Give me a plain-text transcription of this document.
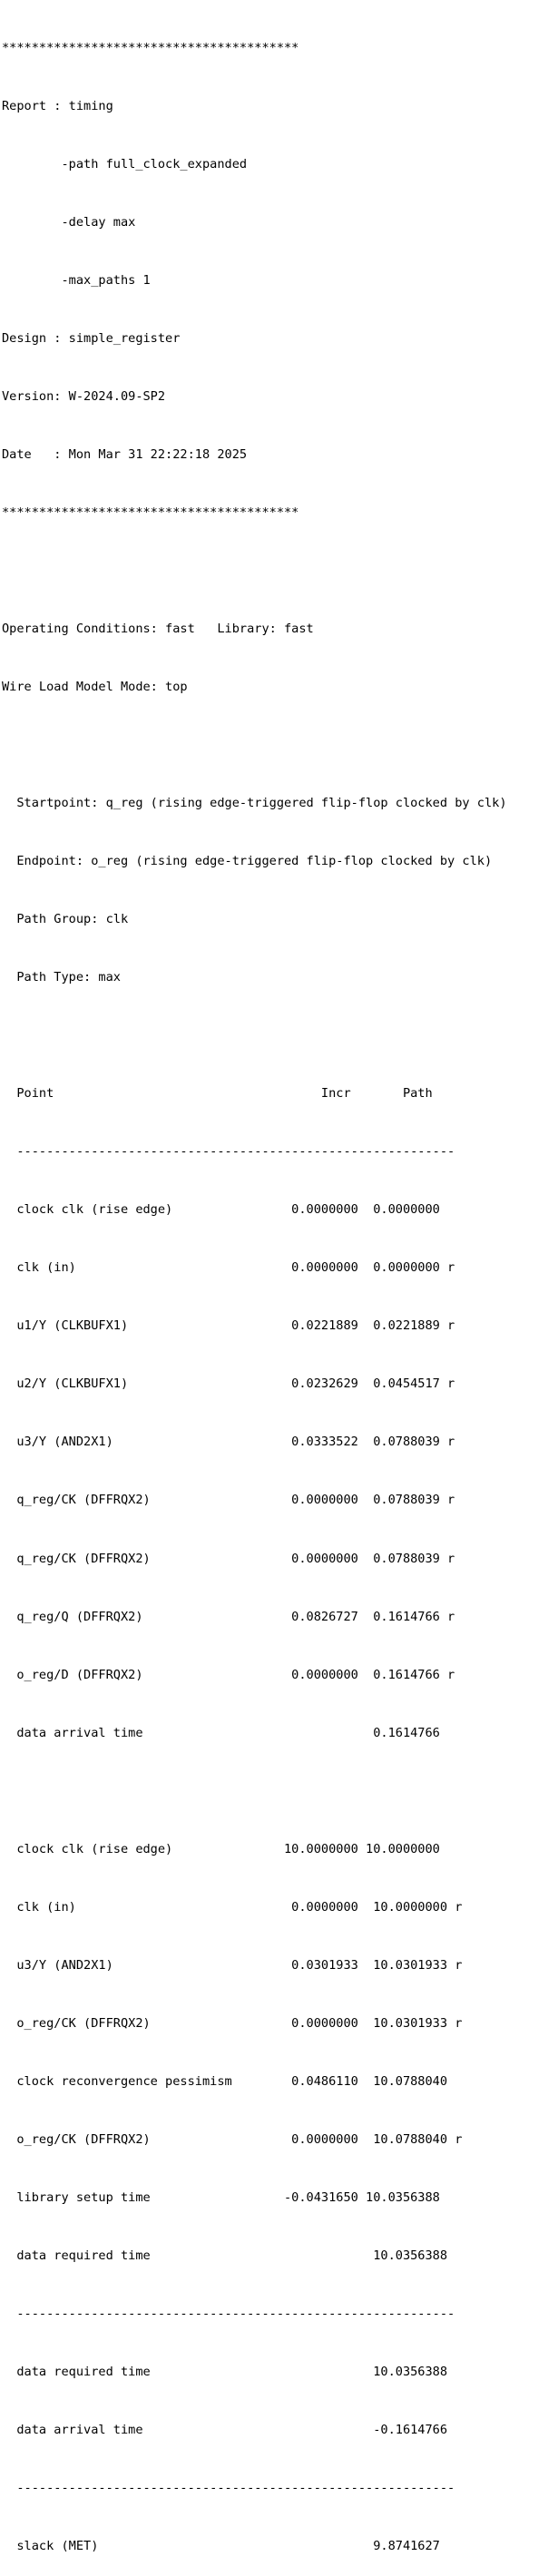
****************************************

Report : timing

-path full_clock_expanded

-delay max

-max_paths 1

Design : simple_register

Version: W-2024.09-SP2

Date   : Mon Mar 31 22:22:18 2025

****************************************

Operating Conditions: fast   Library: fast

Wire Load Model Mode: top

Startpoint: q_reg (rising edge-triggered flip-flop clocked by clk)

Endpoint: o_reg (rising edge-triggered flip-flop clocked by clk)

Path Group: clk

Path Type: max

Point                                    Incr       Path

-----------------------------------------------------------

clock clk (rise edge)                0.0000000  0.0000000

clk (in)                             0.0000000  0.0000000 r

u1/Y (CLKBUFX1)                      0.0221889  0.0221889 r

u2/Y (CLKBUFX1)                      0.0232629  0.0454517 r

u3/Y (AND2X1)                        0.0333522  0.0788039 r

q_reg/CK (DFFRQX2)                   0.0000000  0.0788039 r

q_reg/CK (DFFRQX2)                   0.0000000  0.0788039 r

q_reg/Q (DFFRQX2)                    0.0826727  0.1614766 r

o_reg/D (DFFRQX2)                    0.0000000  0.1614766 r

data arrival time                               0.1614766

clock clk (rise edge)               10.0000000 10.0000000

clk (in)                             0.0000000  10.0000000 r

u3/Y (AND2X1)                        0.0301933  10.0301933 r

o_reg/CK (DFFRQX2)                   0.0000000  10.0301933 r

clock reconvergence pessimism        0.0486110  10.0788040

o_reg/CK (DFFRQX2)                   0.0000000  10.0788040 r

library setup time                  -0.0431650 10.0356388

data required time                              10.0356388

-----------------------------------------------------------

data required time                              10.0356388

data arrival time                               -0.1614766

-----------------------------------------------------------

slack (MET)                                     9.8741627
